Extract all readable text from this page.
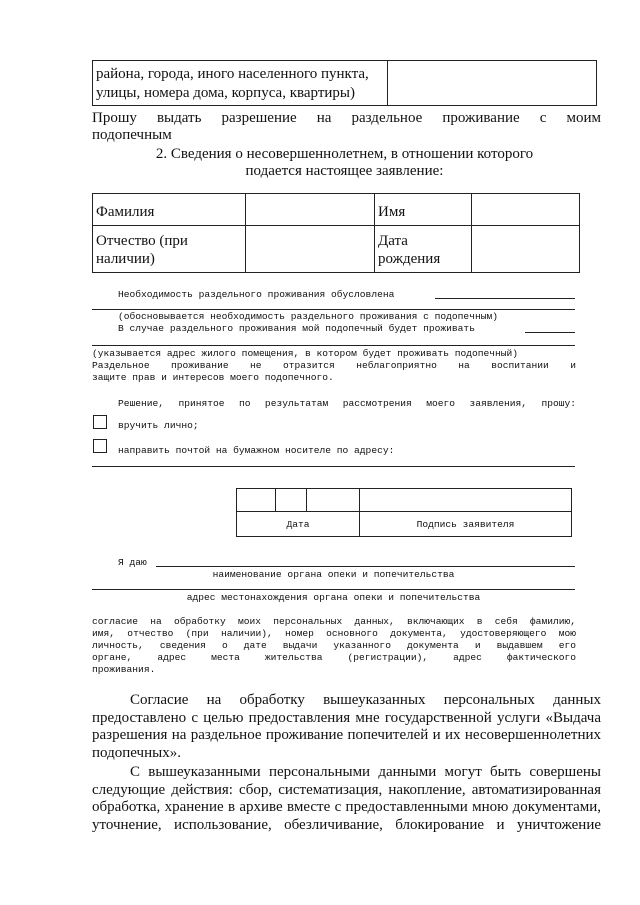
района, города, иного населенного пункта, улицы, номера дома, корпуса, квартиры)	
Прошу выдать разрешение на раздельное проживание с моим
подопечным
2. Сведения о несовершеннолетнем, в отношении которого
подается настоящее заявление:
Фамилия		Имя	
Отчество (при наличии)		Дата рождения	
Необходимость раздельного проживания обусловлена
(обосновывается необходимость раздельного проживания с подопечным)
В случае раздельного проживания мой подопечный будет проживать
(указывается адрес жилого помещения, в котором будет проживать подопечный)
Раздельное проживание не отразится неблагоприятно на воспитании и
защите прав и интересов моего подопечного.
Решение, принятое по результатам рассмотрения моего заявления, прошу:
вручить лично;
направить почтой на бумажном носителе по адресу:

Дата			Подпись заявителя
Я даю
наименование органа опеки и попечительства
адрес местонахождения органа опеки и попечительства
согласие на обработку моих персональных данных, включающих в себя фамилию,
имя, отчество (при наличии), номер основного документа, удостоверяющего мою
личность, сведения о дате выдачи указанного документа и выдавшем его
органе, адрес места жительства (регистрации), адрес фактического
проживания.
Согласие на обработку вышеуказанных персональных данных
предоставлено с целью предоставления мне государственной услуги «Выдача
разрешения на раздельное проживание попечителей и их несовершеннолетних
подопечных».
С вышеуказанными персональными данными могут быть совершены
следующие действия: сбор, систематизация, накопление, автоматизированная
обработка, хранение в архиве вместе с предоставленными мною документами,
уточнение, использование, обезличивание, блокирование и уничтожение
